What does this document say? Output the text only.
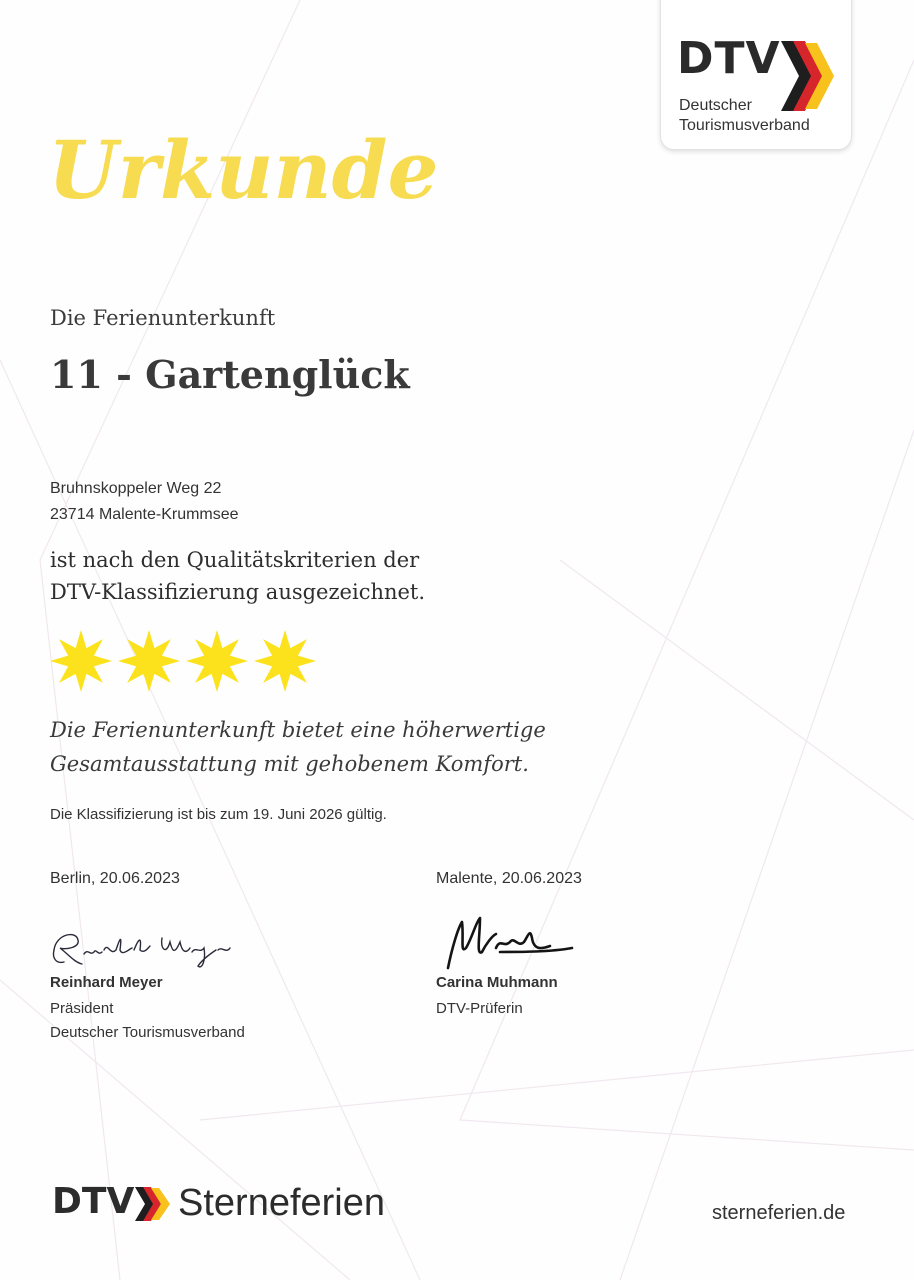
DTV
Deutscher
Tourismusverband
Urkunde
Die Ferienunterkunft
11 - Gartenglück
Bruhnskoppeler Weg 22
23714 Malente-Krummsee
ist nach den Qualitätskriterien der
DTV-Klassifizierung ausgezeichnet.
Die Ferienunterkunft bietet eine höherwertige
Gesamtausstattung mit gehobenem Komfort.
Die Klassifizierung ist bis zum 19. Juni 2026 gültig.
Berlin, 20.06.2023	Malente, 20.06.2023
Reinhard Meyer
Präsident
Deutscher Tourismusverband
Carina Muhmann
DTV-Prüferin
DTV Sterneferien	sterneferien.de
